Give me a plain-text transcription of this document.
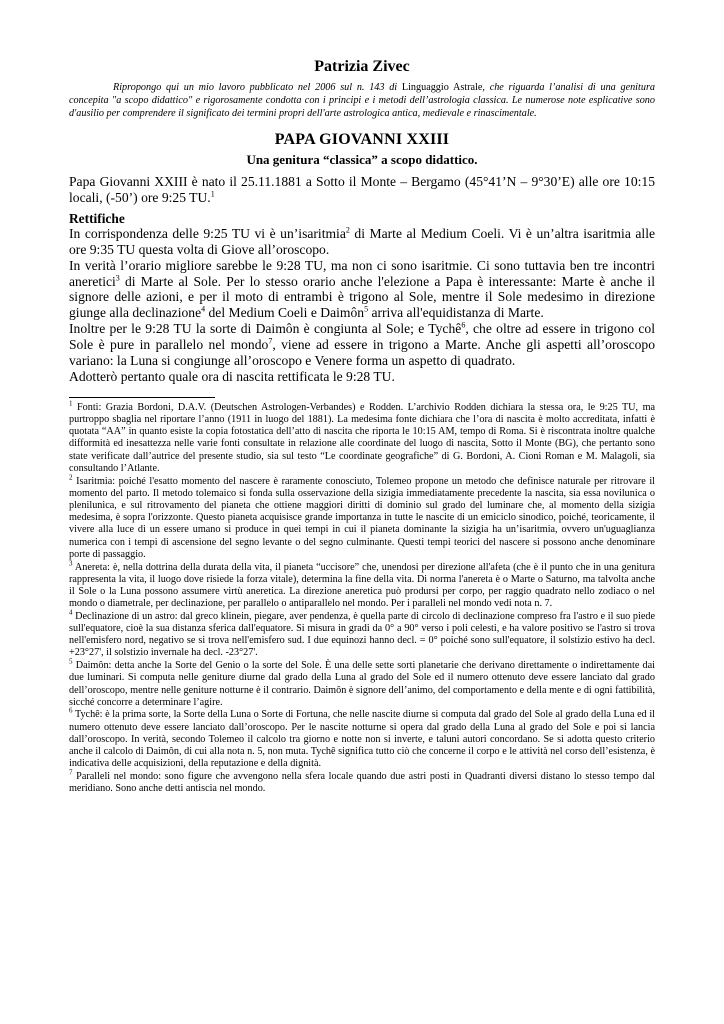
Patrizia Zivec

Ripropongo qui un mio lavoro pubblicato nel 2006 sul n. 143 di Linguaggio Astrale, che riguarda l’analisi di una genitura concepita "a scopo didattico" e rigorosamente condotta con i principi e i metodi dell’astrologia classica. Le numerose note esplicative sono d'ausilio per comprendere il significato dei termini propri dell'arte astrologica antica, medievale e rinascimentale.

PAPA GIOVANNI XXIII
Una genitura “classica” a scopo didattico.

Papa Giovanni XXIII è nato il 25.11.1881 a Sotto il Monte – Bergamo (45°41’N – 9°30’E) alle ore 10:15 locali, (-50’) ore 9:25 TU.$^1$

Rettifiche

In corrispondenza delle 9:25 TU vi è un’isaritmia$^2$ di Marte al Medium Coeli. Vi è un’altra isaritmia alle ore 9:35 TU questa volta di Giove all’oroscopo.

In verità l’orario migliore sarebbe le 9:28 TU, ma non ci sono isaritmie. Ci sono tuttavia ben tre incontri aneretici$^3$ di Marte al Sole. Per lo stesso orario anche l'elezione a Papa è interessante: Marte è anche il signore delle azioni, e per il moto di entrambi è trigono al Sole, mentre il Sole medesimo in direzione giunge alla declinazione$^4$ del Medium Coeli e Daimôn$^5$ arriva all'equidistanza di Marte.

Inoltre per le 9:28 TU la sorte di Daimôn è congiunta al Sole; e Tychê$^6$, che oltre ad essere in trigono col Sole è pure in parallelo nel mondo$^7$, viene ad essere in trigono a Marte. Anche gli aspetti all’oroscopo variano: la Luna si congiunge all’oroscopo e Venere forma un aspetto di quadrato.

Adotterò pertanto quale ora di nascita rettificata le 9:28 TU.

$^1$ Fonti: Grazia Bordoni, D.A.V. (Deutschen Astrologen-Verbandes) e Rodden. L’archivio Rodden dichiara la stessa ora, le 9:25 TU, ma purtroppo sbaglia nel riportare l’anno (1911 in luogo del 1881). La medesima fonte dichiara che l’ora di nascita è molto accreditata, infatti è quotata “AA” in quanto esiste la copia fotostatica dell’atto di nascita che riporta le 10:15 AM, tempo di Roma. Si è riscontrata inoltre qualche difformità ed inesattezza nelle varie fonti consultate in relazione alle coordinate del luogo di nascita, Sotto il Monte (BG), che pertanto sono state verificate dall’autrice del presente studio, sia sul testo “Le coordinate geografiche” di G. Bordoni, A. Cioni Roman e M. Malagoli, sia consultando l’Atlante.

$^2$ Isaritmia: poiché l'esatto momento del nascere è raramente conosciuto, Tolemeo propone un metodo che definisce naturale per ritrovare il momento del parto. Il metodo tolemaico si fonda sulla osservazione della sizigia immediatamente precedente la nascita, sia essa novilunica o plenilunica, e sul ritrovamento del pianeta che ottiene maggiori diritti di dominio sul grado del luminare che, al momento della sizigia medesima, è sopra l'orizzonte. Questo pianeta acquisisce grande importanza in tutte le nascite di un emiciclo sinodico, poiché, teoricamente, il vivere alla luce di un essere umano si produce in quei tempi in cui il pianeta dominante la sizigia ha un’isaritmia, ovvero un'uguaglianza numerica con i tempi di ascensione del segno levante o del segno culminante. Questi tempi teorici del nascere si possono anche denominare porte di passaggio.

$^3$ Anereta: è, nella dottrina della durata della vita, il pianeta “uccisore” che, unendosi per direzione all'afeta (che è il punto che in una genitura rappresenta la vita, il luogo dove risiede la forza vitale), determina la fine della vita. Di norma l'anereta è o Marte o Saturno, ma talvolta anche il Sole o la Luna possono assumere virtù aneretica. La direzione aneretica può prodursi per corpo, per raggio quadrato nello zodiaco o nel mondo o diametrale, per declinazione, per parallelo o antiparallelo nel mondo. Per i paralleli nel mondo vedi nota n. 7.

$^4$ Declinazione di un astro: dal greco klinein, piegare, aver pendenza, è quella parte di circolo di declinazione compreso fra l'astro e il suo piede sull'equatore, cioè la sua distanza sferica dall'equatore. Si misura in gradi da 0° a 90° verso i poli celesti, e ha valore positivo se l'astro si trova nell'emisfero nord, negativo se si trova nell'emisfero sud. I due equinozi hanno decl. = 0° poiché sono sull'equatore, il solstizio estivo ha decl. +23°27', il solstizio invernale ha decl. -23°27'.

$^5$ Daimôn: detta anche la Sorte del Genio o la sorte del Sole. È una delle sette sorti planetarie che derivano direttamente o indirettamente dai due luminari. Si computa nelle geniture diurne dal grado della Luna al grado del Sole ed il numero ottenuto deve essere lanciato dal grado dell’oroscopo, mentre nelle geniture notturne è il contrario. Daimôn è signore dell’animo, del comportamento e della mente e di ogni fattibilità, sicché concorre a determinare l’agire.

$^6$ Tychê: è la prima sorte, la Sorte della Luna o Sorte di Fortuna, che nelle nascite diurne si computa dal grado del Sole al grado della Luna ed il numero ottenuto deve essere lanciato dall’oroscopo. Per le nascite notturne si opera dal grado della Luna al grado del Sole e poi si lancia dall’oroscopo. In verità, secondo Tolemeo il calcolo tra giorno e notte non si inverte, e taluni autori concordano. Se si adotta questo criterio anche il calcolo di Daimôn, di cui alla nota n. 5, non muta. Tychê significa tutto ciò che concerne il corpo e le attività nel corso dell’esistenza, è indicativa delle acquisizioni, della reputazione e della dignità.

$^7$ Paralleli nel mondo: sono figure che avvengono nella sfera locale quando due astri posti in Quadranti diversi distano lo stesso tempo dal meridiano. Sono anche detti antiscia nel mondo.
